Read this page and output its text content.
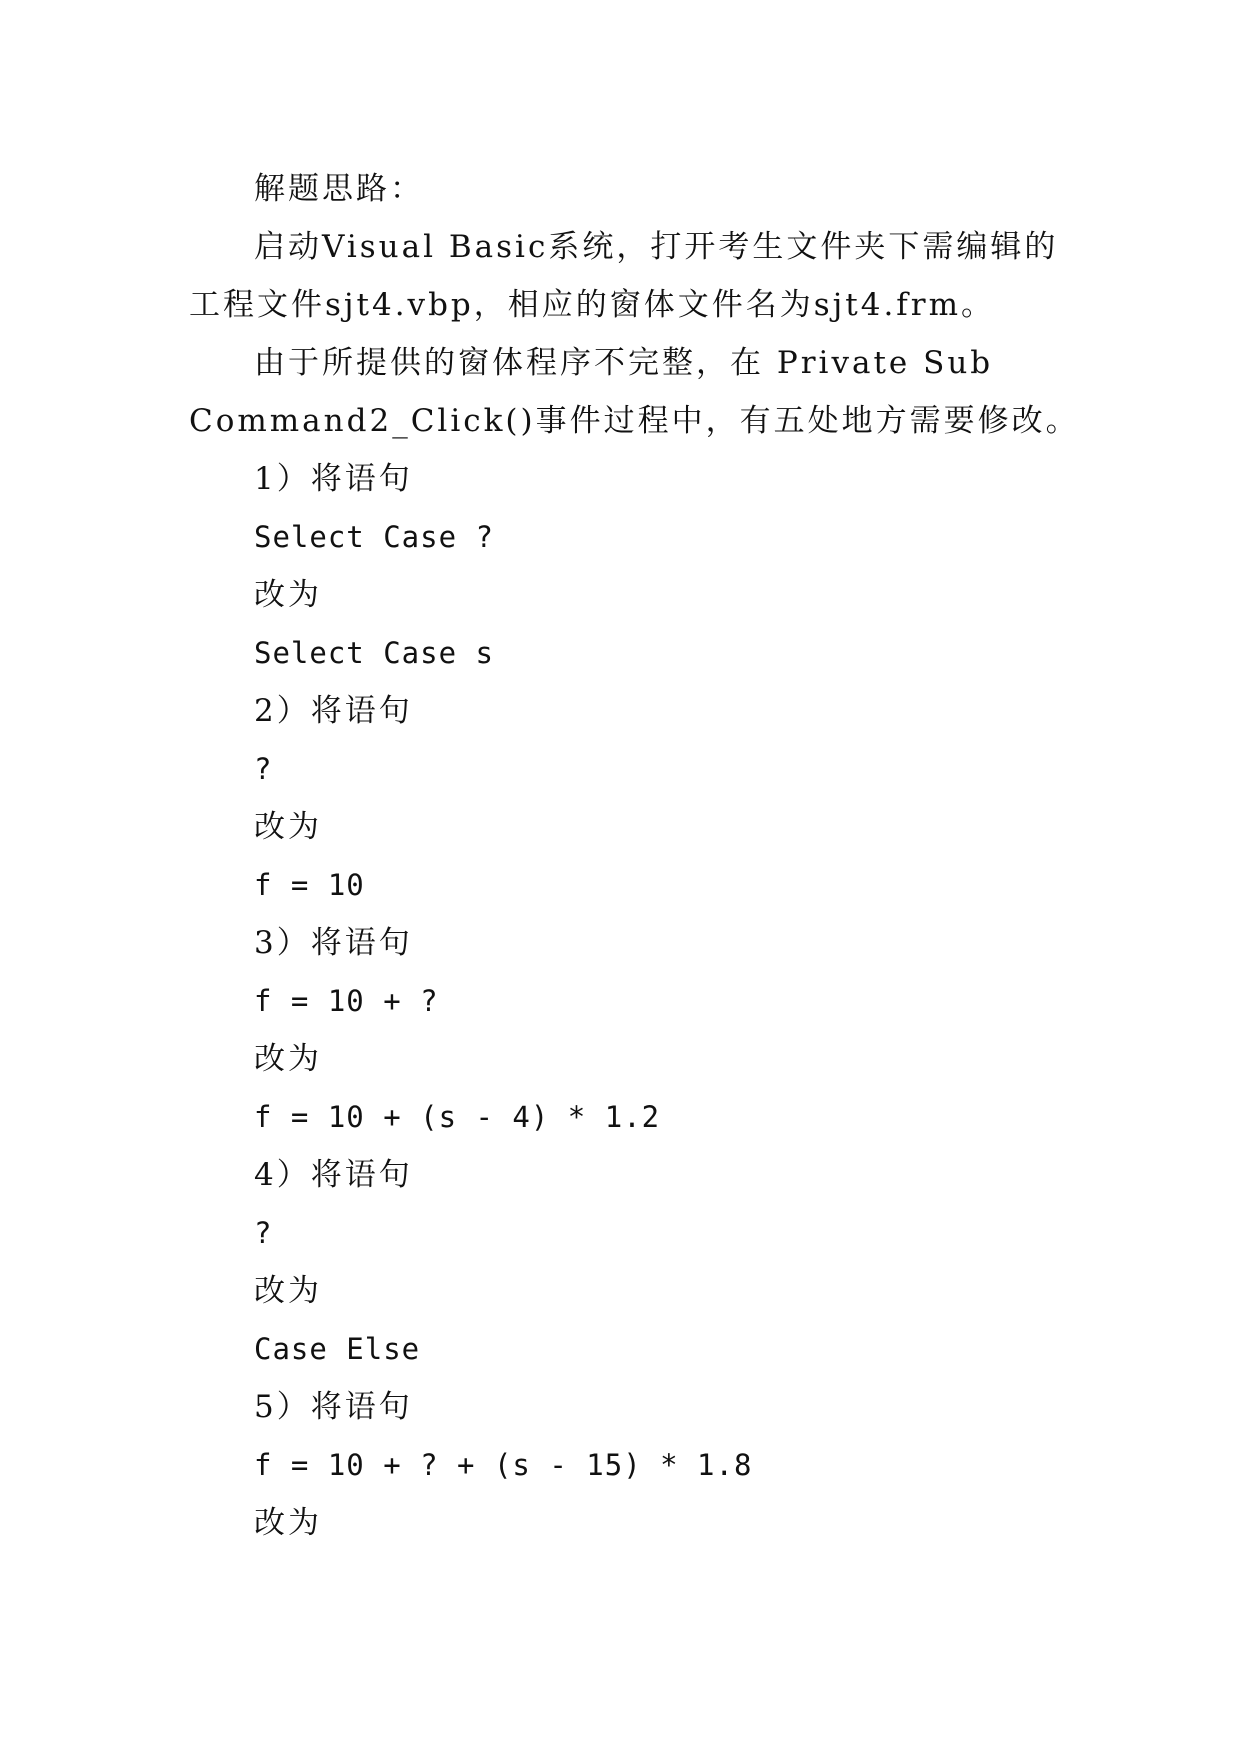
解题思路：
启动Visual Basic系统，打开考生文件夹下需编辑的
工程文件sjt4.vbp，相应的窗体文件名为sjt4.frm。
由于所提供的窗体程序不完整，在 Private Sub
Command2_Click()事件过程中，有五处地方需要修改。
1）将语句
Select Case ?
改为
Select Case s
2）将语句
?
改为
f = 10
3）将语句
f = 10 + ?
改为
f = 10 + (s - 4) * 1.2
4）将语句
?
改为
Case Else
5）将语句
f = 10 + ? + (s - 15) * 1.8
改为
